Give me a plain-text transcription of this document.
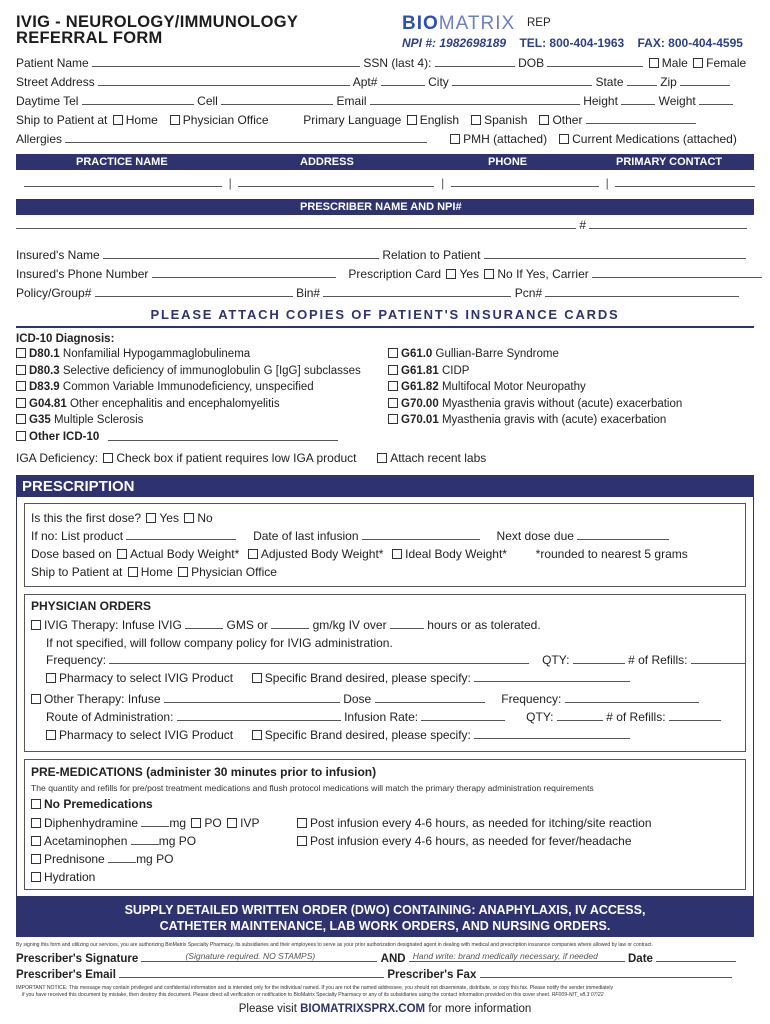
IVIG - NEUROLOGY/IMMUNOLOGY
REFERRAL FORM
BIOMATRIX REP
NPI #: 1982698189 TEL: 800-404-1963 FAX: 800-404-4595
Patient Name	SSN (last 4):	DOB	Male Female
Street Address	Apt#	City	State	Zip
Daytime Tel	Cell	Email	Height	Weight
Ship to Patient at Home Physician Office	Primary Language English Spanish Other
Allergies	PMH (attached) Current Medications (attached)
PRACTICE NAME	ADDRESS	PHONE	PRIMARY CONTACT
|	|	|
PRESCRIBER NAME AND NPI#
#
Insured's Name	Relation to Patient
Insured's Phone Number	Prescription Card Yes No If Yes, Carrier
Policy/Group#	Bin#	Pcn#
PLEASE ATTACH COPIES OF PATIENT'S INSURANCE CARDS
ICD-10 Diagnosis:
D80.1 Nonfamilial Hypogammaglobulinema
D80.3 Selective deficiency of immunoglobulin G [IgG] subclasses
D83.9 Common Variable Immunodeficiency, unspecified
G04.81 Other encephalitis and encephalomyelitis
G35 Multiple Sclerosis
Other ICD-10
G61.0 Gullian-Barre Syndrome
G61.81 CIDP
G61.82 Multifocal Motor Neuropathy
G70.00 Myasthenia gravis without (acute) exacerbation
G70.01 Myasthenia gravis with (acute) exacerbation
IGA Deficiency: Check box if patient requires low IGA product	Attach recent labs
PRESCRIPTION
Is this the first dose? Yes No
If no: List product	Date of last infusion	Next dose due
Dose based on Actual Body Weight* Adjusted Body Weight* Ideal Body Weight* *rounded to nearest 5 grams
Ship to Patient at Home Physician Office
PHYSICIAN ORDERS
IVIG Therapy: Infuse IVIG	GMS or	gm/kg IV over	hours or as tolerated.
If not specified, will follow company policy for IVIG administration.
Frequency:	QTY:	# of Refills:
Pharmacy to select IVIG Product	Specific Brand desired, please specify:
Other Therapy: Infuse	Dose	Frequency:
Route of Administration:	Infusion Rate:	QTY:	# of Refills:
Pharmacy to select IVIG Product	Specific Brand desired, please specify:
PRE-MEDICATIONS (administer 30 minutes prior to infusion)
The quantity and refills for pre/post treatment medications and flush protocol medications will match the primary therapy administration requirements
No Premedications
Diphenhydramine	mg PO IVP	Post infusion every 4-6 hours, as needed for itching/site reaction
Acetaminophen	mg PO	Post infusion every 4-6 hours, as needed for fever/headache
Prednisone	mg PO
Hydration
SUPPLY DETAILED WRITTEN ORDER (DWO) CONTAINING: ANAPHYLAXIS, IV ACCESS,
CATHETER MAINTENANCE, LAB WORK ORDERS, AND NURSING ORDERS.
By signing this form and utilizing our services, you are authorizing BioMatrix Specialty Pharmacy, its subsidiaries and their employees to serve as your prior authorization designated agent in dealing with medical and prescription insurance companies where allowed by law or contract.
Prescriber's Signature	(Signature required. NO STAMPS)	AND Hand write: brand medically necessary, if needed	Date
Prescriber's Email	Prescriber's Fax
IMPORTANT NOTICE: This message may contain privileged and confidential information and is intended only for the individual named. If you are not the named addressee, you should not disseminate, distribute, or copy this fax. Please notify the sender immediately
if you have received this document by mistake, then destroy this document. Please direct all verification or notification to BioMatrix Specialty Pharmacy or any of its subsidiaries using the contact information provided on this cover sheet. RF009-NIT_v8.3 07/22
Please visit BIOMATRIXSPRX.COM for more information
